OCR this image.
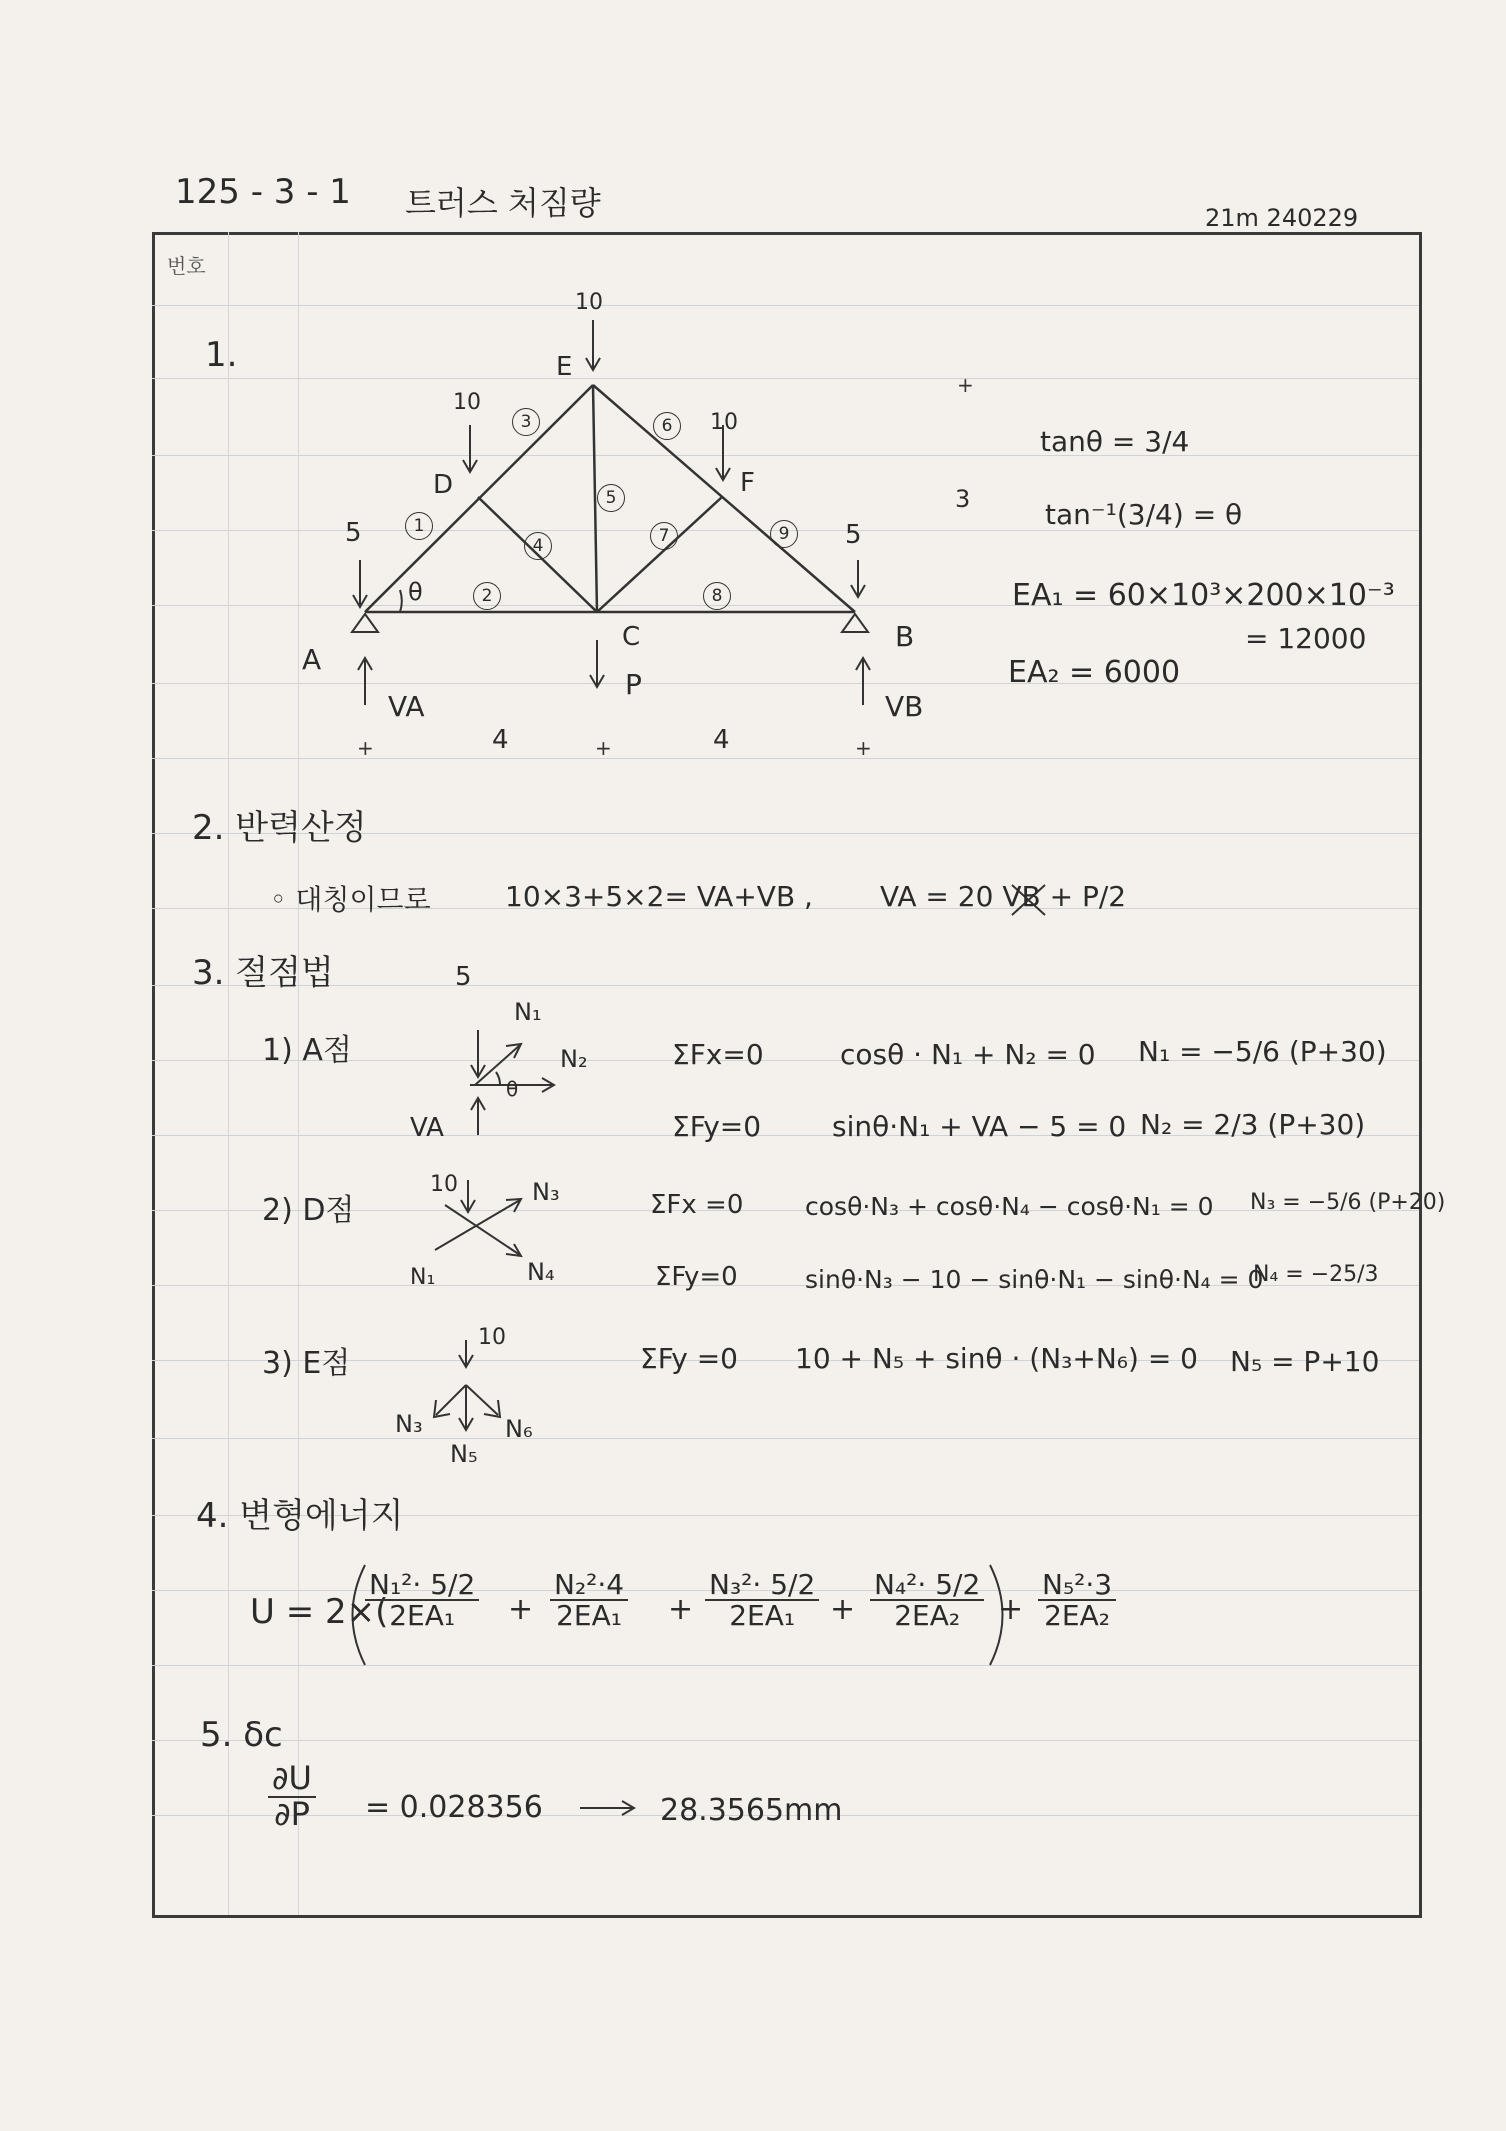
125 - 3 - 1 트러스 처짐량	21m 240229
번호
1.
+
+	+	+
10
E
10
D
10
F
5	5
θ
A
C
P
B
VA	VB
4	4
1
2
3
4
5
6
7
8
9
3
tanθ = 3/4
tan⁻¹(3/4) = θ
EA₁ = 60×10³×200×10⁻³
= 12000
EA₂ = 6000
2. 반력산정
◦ 대칭이므로	10×3+5×2= VA+VB , VA = 20 VB + P/2
3. 절점법
1) A점
5
N₁
N₂
θ
VA
ΣFx=0
ΣFy=0
cosθ · N₁ + N₂ = 0
sinθ·N₁ + VA − 5 = 0
N₁ = −5/6 (P+30)
N₂ = 2/3 (P+30)
2) D점
10	N₃
N₁	N₄
ΣFx =0
ΣFy=0
cosθ·N₃ + cosθ·N₄ − cosθ·N₁ = 0
sinθ·N₃ − 10 − sinθ·N₁ − sinθ·N₄ = 0
N₃ = −5/6 (P+20)
N₄ = −25/3
3) E점
10
N₃
N₅
N₆
ΣFy =0 10 + N₅ + sinθ · (N₃+N₆) = 0 N₅ = P+10
4. 변형에너지
U = 2×(
$\frac{\text{N₁²· 5/2}}{\text{2EA₁}} + \frac{\text{N₂²·4}}{\text{2EA₁}} + \frac{\text{N₃²· 5/2}}{\text{2EA₁}} + \frac{\text{N₄²· 5/2}}{\text{2EA₂}} + \frac{\text{N₅²·3}}{\text{2EA₂}}$
5. δc
$\frac{\partial U}{\partial P} = 0.028356$	28.3565mm
